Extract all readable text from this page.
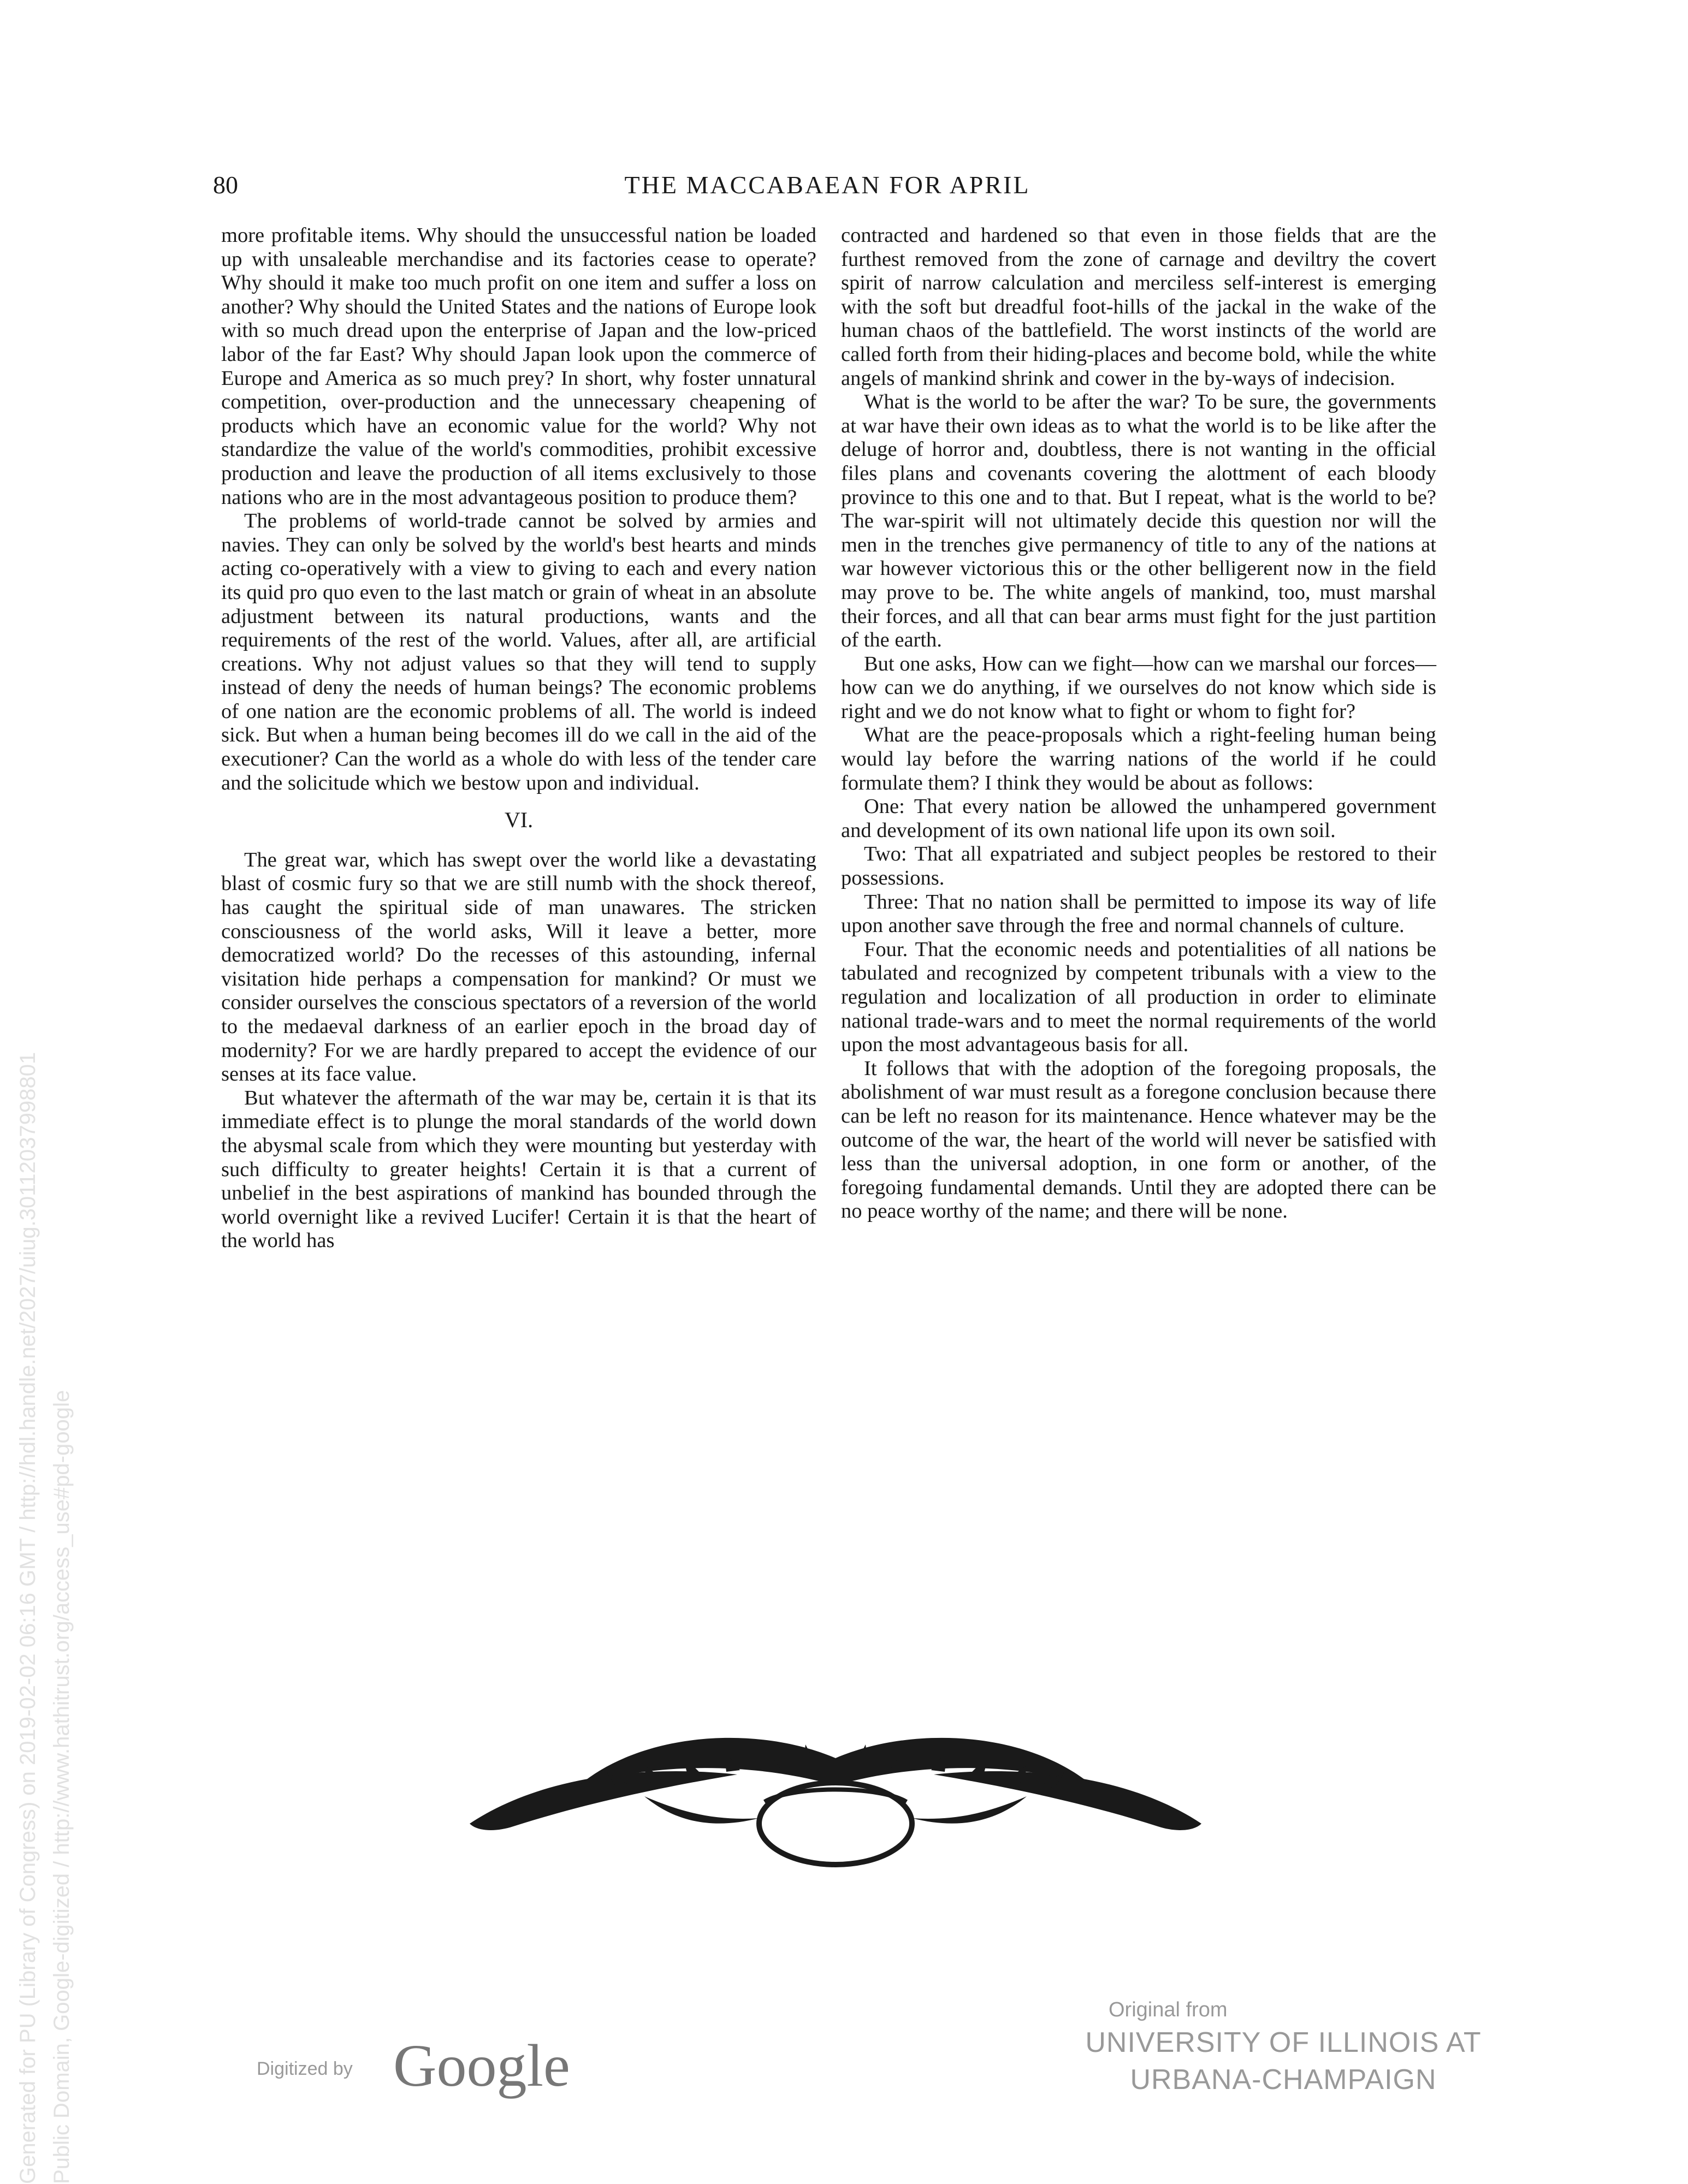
80	THE MACCABAEAN FOR APRIL

more profitable items. Why should the unsuccessful nation be loaded up with unsaleable merchandise and its factories cease to operate? Why should it make too much profit on one item and suffer a loss on another? Why should the United States and the nations of Europe look with so much dread upon the enterprise of Japan and the low-priced labor of the far East? Why should Japan look upon the commerce of Europe and America as so much prey? In short, why foster unnatural competition, over-production and the unnecessary cheapening of products which have an economic value for the world? Why not standardize the value of the world's commodities, prohibit excessive production and leave the production of all items exclusively to those nations who are in the most advantageous position to produce them?

The problems of world-trade cannot be solved by armies and navies. They can only be solved by the world's best hearts and minds acting co-operatively with a view to giving to each and every nation its quid pro quo even to the last match or grain of wheat in an absolute adjustment between its natural productions, wants and the requirements of the rest of the world. Values, after all, are artificial creations. Why not adjust values so that they will tend to supply instead of deny the needs of human beings? The economic problems of one nation are the economic problems of all. The world is indeed sick. But when a human being becomes ill do we call in the aid of the executioner? Can the world as a whole do with less of the tender care and the solicitude which we bestow upon and individual.

VI.

The great war, which has swept over the world like a devastating blast of cosmic fury so that we are still numb with the shock thereof, has caught the spiritual side of man unawares. The stricken consciousness of the world asks, Will it leave a better, more democratized world? Do the recesses of this astounding, infernal visitation hide perhaps a compensation for mankind? Or must we consider ourselves the conscious spectators of a reversion of the world to the medaeval darkness of an earlier epoch in the broad day of modernity? For we are hardly prepared to accept the evidence of our senses at its face value.

But whatever the aftermath of the war may be, certain it is that its immediate effect is to plunge the moral standards of the world down the abysmal scale from which they were mounting but yesterday with such difficulty to greater heights! Certain it is that a current of unbelief in the best aspirations of mankind has bounded through the world overnight like a revived Lucifer! Certain it is that the heart of the world has

contracted and hardened so that even in those fields that are the furthest removed from the zone of carnage and deviltry the covert spirit of narrow calculation and merciless self-interest is emerging with the soft but dreadful foot-hills of the jackal in the wake of the human chaos of the battlefield. The worst instincts of the world are called forth from their hiding-places and become bold, while the white angels of mankind shrink and cower in the by-ways of indecision.

What is the world to be after the war? To be sure, the governments at war have their own ideas as to what the world is to be like after the deluge of horror and, doubtless, there is not wanting in the official files plans and covenants covering the alottment of each bloody province to this one and to that. But I repeat, what is the world to be? The war-spirit will not ultimately decide this question nor will the men in the trenches give permanency of title to any of the nations at war however victorious this or the other belligerent now in the field may prove to be. The white angels of mankind, too, must marshal their forces, and all that can bear arms must fight for the just partition of the earth.

But one asks, How can we fight—how can we marshal our forces—how can we do anything, if we ourselves do not know which side is right and we do not know what to fight or whom to fight for?

What are the peace-proposals which a right-feeling human being would lay before the warring nations of the world if he could formulate them? I think they would be about as follows:

One: That every nation be allowed the unhampered government and development of its own national life upon its own soil.

Two: That all expatriated and subject peoples be restored to their possessions.

Three: That no nation shall be permitted to impose its way of life upon another save through the free and normal channels of culture.

Four. That the economic needs and potentialities of all nations be tabulated and recognized by competent tribunals with a view to the regulation and localization of all production in order to eliminate national trade-wars and to meet the normal requirements of the world upon the most advantageous basis for all.

It follows that with the adoption of the foregoing proposals, the abolishment of war must result as a foregone conclusion because there can be left no reason for its maintenance. Hence whatever may be the outcome of the war, the heart of the world will never be satisfied with less than the universal adoption, in one form or another, of the foregoing fundamental demands. Until they are adopted there can be no peace worthy of the name; and there will be none.

Digitized by Google
Original from
UNIVERSITY OF ILLINOIS AT
URBANA-CHAMPAIGN
Generated for PU (Library of Congress) on 2019-02-02 06:16 GMT / http://hdl.handle.net/2027/uiug.30112037998801 Public Domain, Google-digitized / http://www.hathitrust.org/access_use#pd-google
